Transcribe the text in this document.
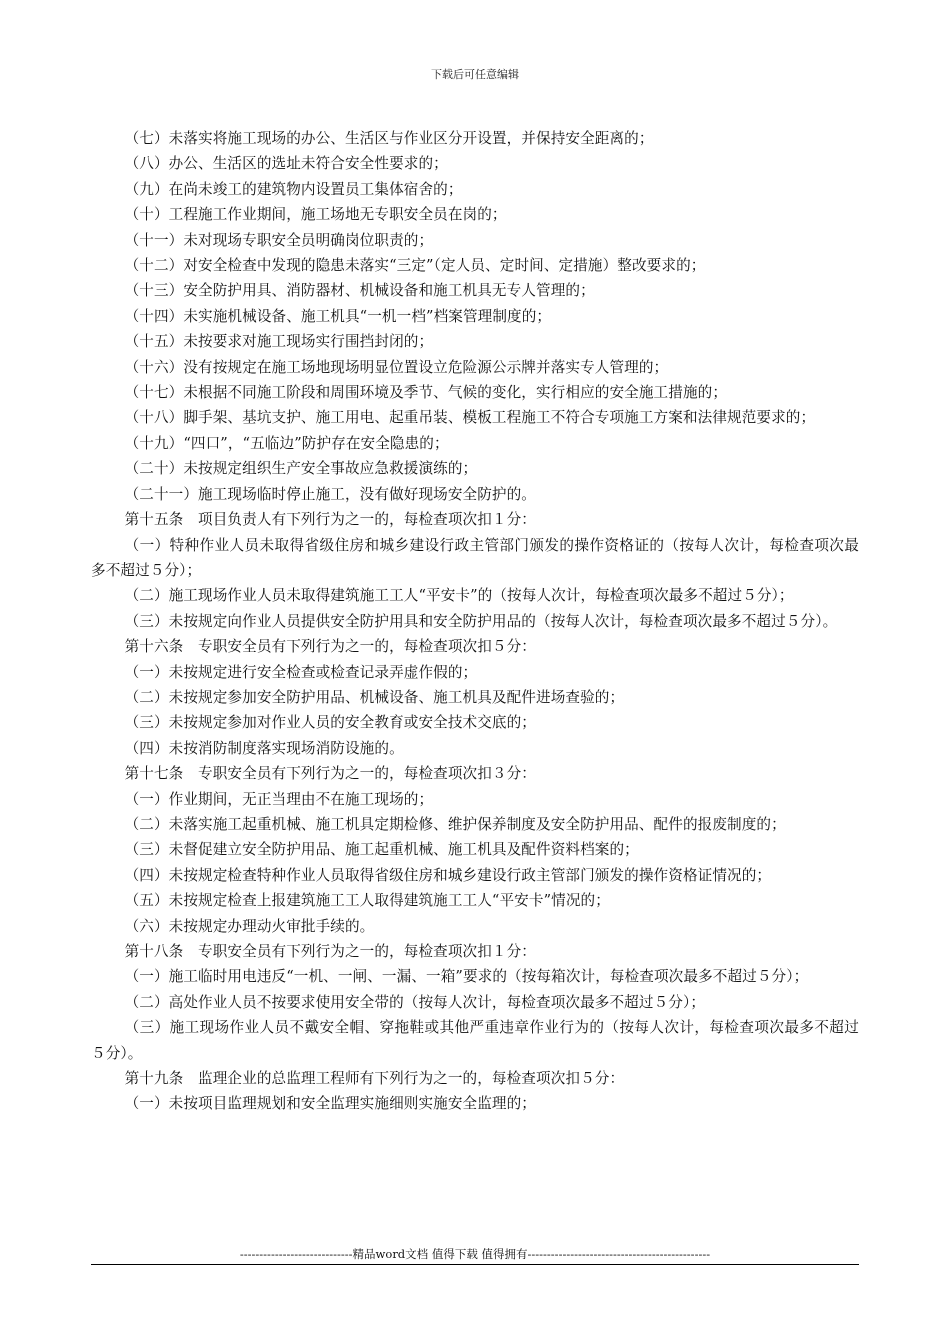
下载后可任意编辑

（七）未落实将施工现场的办公、生活区与作业区分开设置，并保持安全距离的；

（八）办公、生活区的选址未符合安全性要求的；

（九）在尚未竣工的建筑物内设置员工集体宿舍的；

（十）工程施工作业期间，施工场地无专职安全员在岗的；

（十一）未对现场专职安全员明确岗位职责的；

（十二）对安全检查中发现的隐患未落实“三定”（定人员、定时间、定措施）整改要求的；

（十三）安全防护用具、消防器材、机械设备和施工机具无专人管理的；

（十四）未实施机械设备、施工机具“一机一档”档案管理制度的；

（十五）未按要求对施工现场实行围挡封闭的；

（十六）没有按规定在施工场地现场明显位置设立危险源公示牌并落实专人管理的；

（十七）未根据不同施工阶段和周围环境及季节、气候的变化，实行相应的安全施工措施的；

（十八）脚手架、基坑支护、施工用电、起重吊装、模板工程施工不符合专项施工方案和法律规范要求的；

（十九）“四口”，“五临边”防护存在安全隐患的；

（二十）未按规定组织生产安全事故应急救援演练的；

（二十一）施工现场临时停止施工，没有做好现场安全防护的。

第十五条　项目负责人有下列行为之一的，每检查项次扣１分：

（一）特种作业人员未取得省级住房和城乡建设行政主管部门颁发的操作资格证的（按每人次计，每检查项次最多不超过５分）；

（二）施工现场作业人员未取得建筑施工工人“平安卡”的（按每人次计，每检查项次最多不超过５分）；

（三）未按规定向作业人员提供安全防护用具和安全防护用品的（按每人次计，每检查项次最多不超过５分）。

第十六条　专职安全员有下列行为之一的，每检查项次扣５分：

（一）未按规定进行安全检查或检查记录弄虚作假的；

（二）未按规定参加安全防护用品、机械设备、施工机具及配件进场查验的；

（三）未按规定参加对作业人员的安全教育或安全技术交底的；

（四）未按消防制度落实现场消防设施的。

第十七条　专职安全员有下列行为之一的，每检查项次扣３分：

（一）作业期间，无正当理由不在施工现场的；

（二）未落实施工起重机械、施工机具定期检修、维护保养制度及安全防护用品、配件的报废制度的；

（三）未督促建立安全防护用品、施工起重机械、施工机具及配件资料档案的；

（四）未按规定检查特种作业人员取得省级住房和城乡建设行政主管部门颁发的操作资格证情况的；

（五）未按规定检查上报建筑施工工人取得建筑施工工人“平安卡”情况的；

（六）未按规定办理动火审批手续的。

第十八条　专职安全员有下列行为之一的，每检查项次扣１分：

（一）施工临时用电违反“一机、一闸、一漏、一箱”要求的（按每箱次计，每检查项次最多不超过５分）；

（二）高处作业人员不按要求使用安全带的（按每人次计，每检查项次最多不超过５分）；

（三）施工现场作业人员不戴安全帽、穿拖鞋或其他严重违章作业行为的（按每人次计，每检查项次最多不超过５分）。

第十九条　监理企业的总监理工程师有下列行为之一的，每检查项次扣５分：

（一）未按项目监理规划和安全监理实施细则实施安全监理的；

-----------------------------精品word文档 值得下载 值得拥有-----------------------------------------------
